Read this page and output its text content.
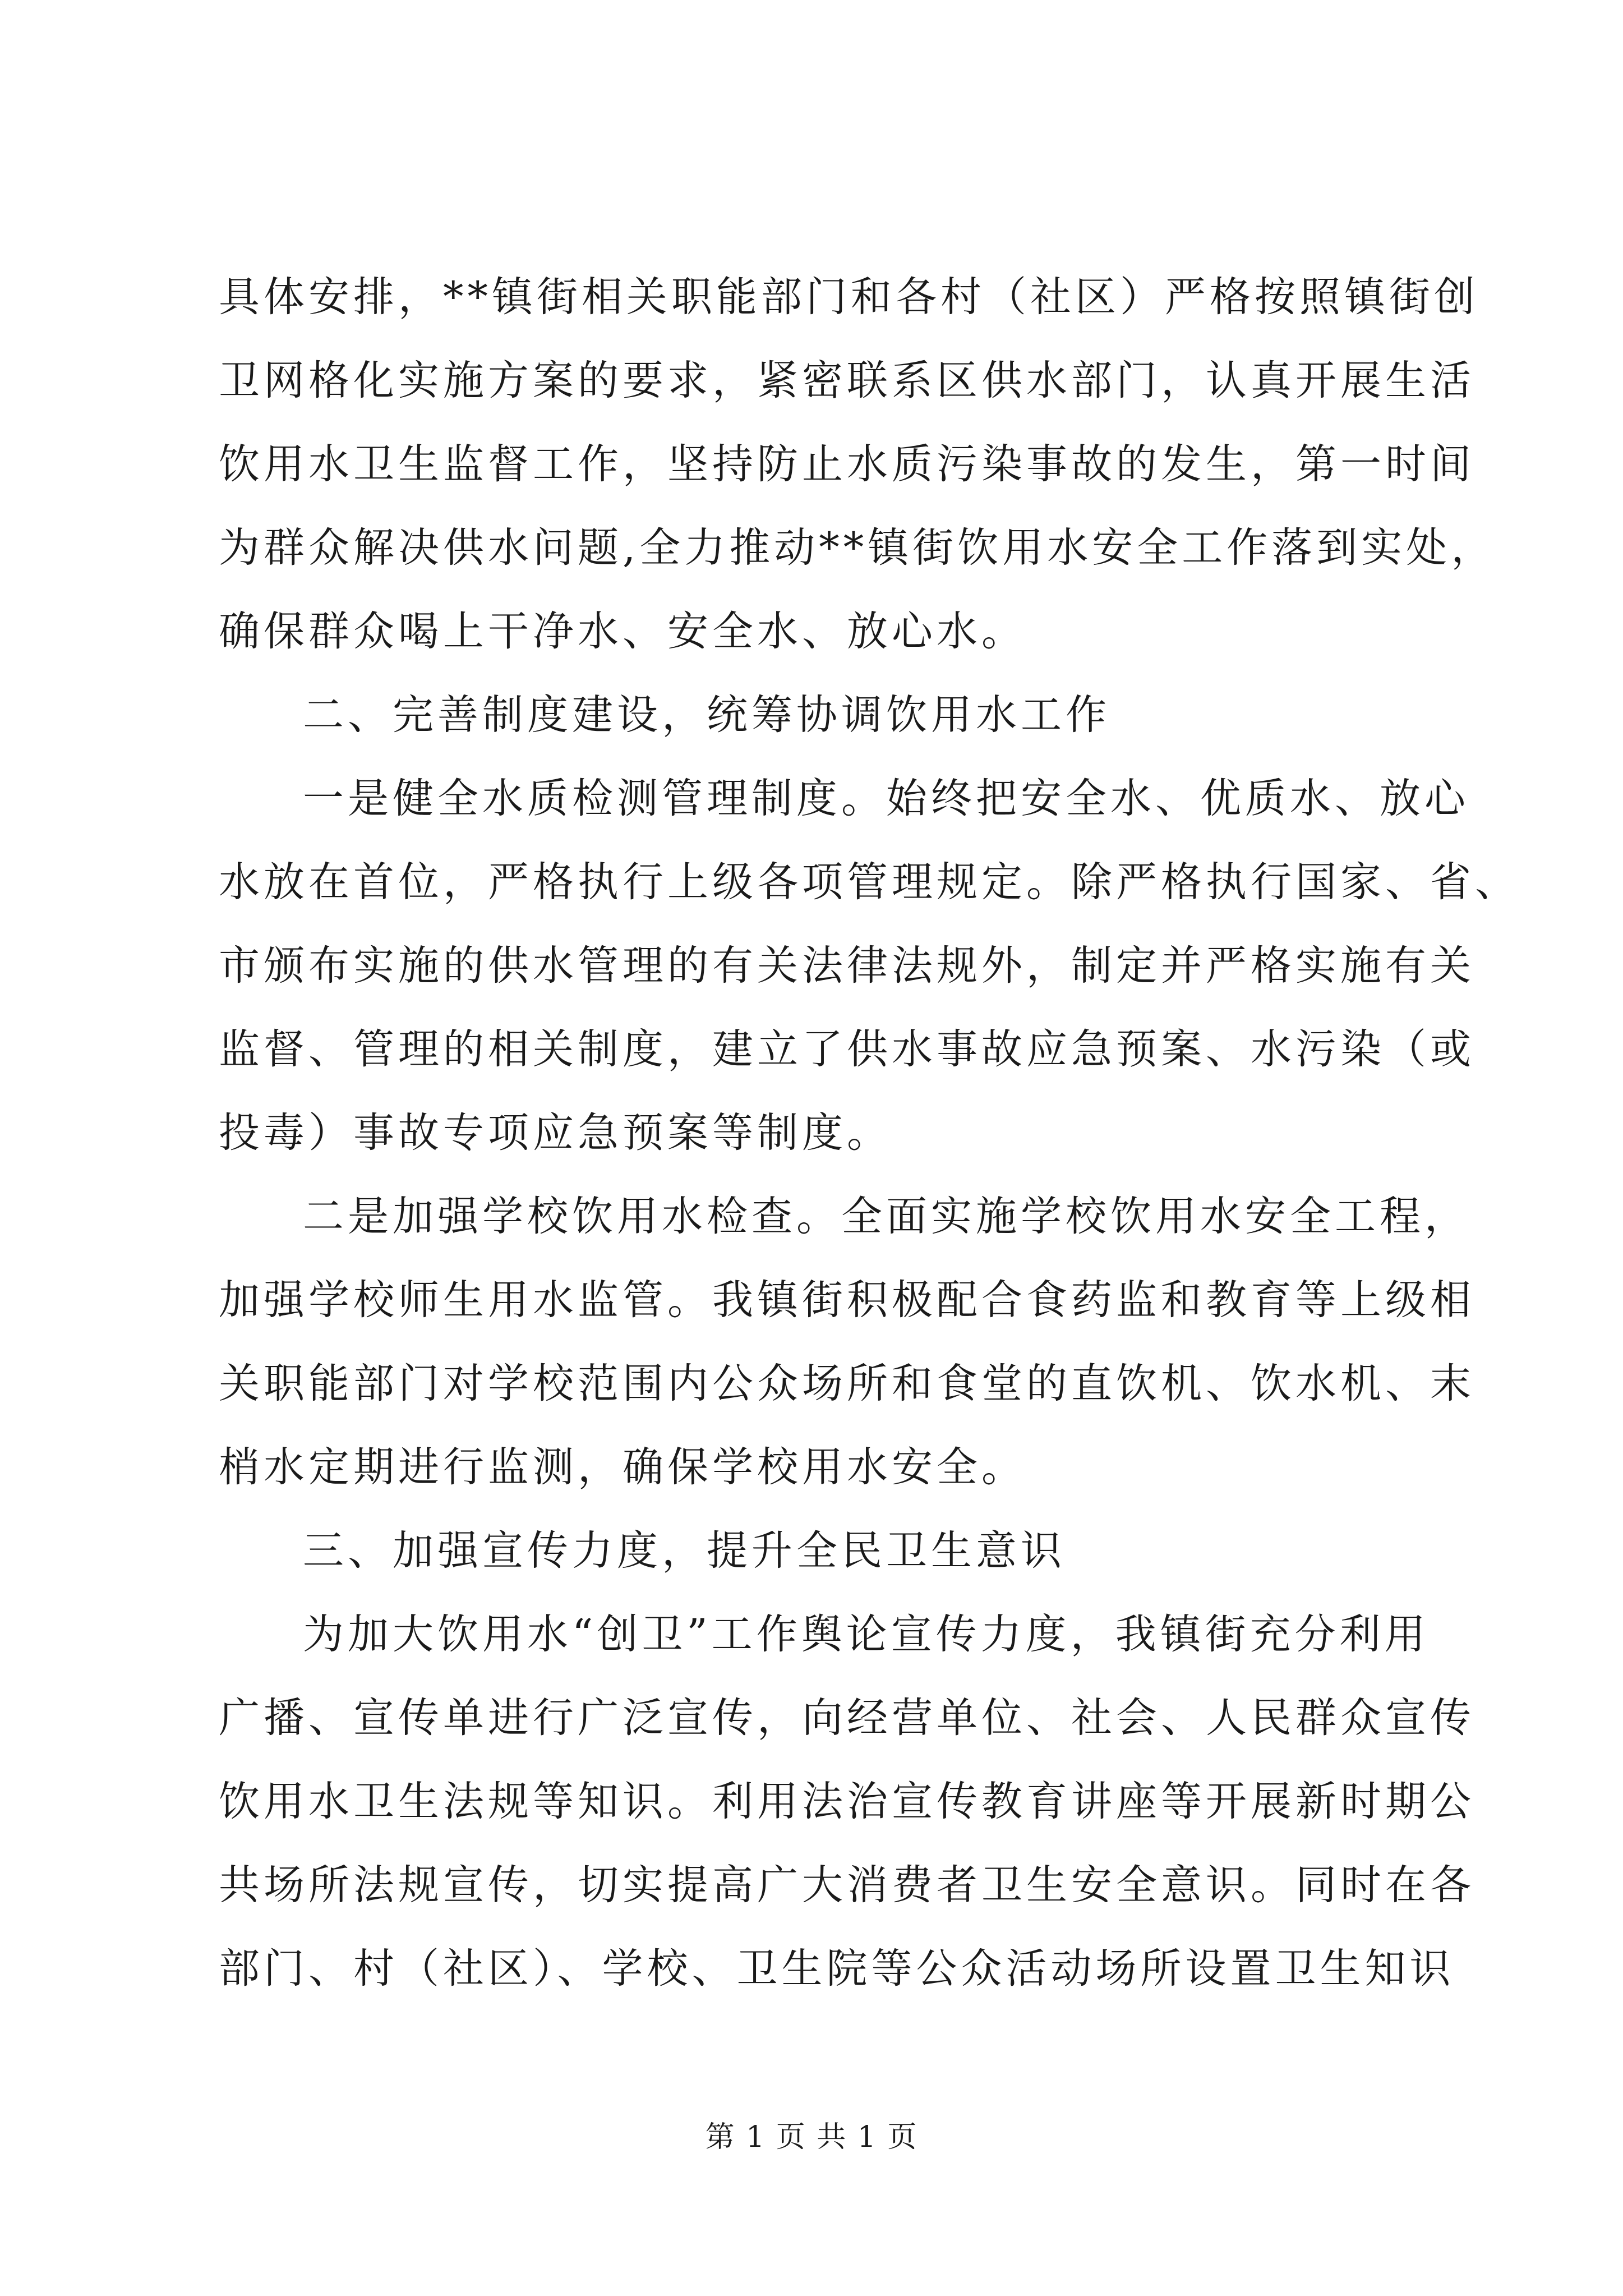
具体安排，**镇街相关职能部门和各村（社区）严格按照镇街创
卫网格化实施方案的要求，紧密联系区供水部门，认真开展生活
饮用水卫生监督工作，坚持防止水质污染事故的发生，第一时间
为群众解决供水问题,全力推动**镇街饮用水安全工作落到实处，
确保群众喝上干净水、安全水、放心水。
二、完善制度建设，统筹协调饮用水工作
一是健全水质检测管理制度。始终把安全水、优质水、放心
水放在首位，严格执行上级各项管理规定。除严格执行国家、省、
市颁布实施的供水管理的有关法律法规外，制定并严格实施有关
监督、管理的相关制度，建立了供水事故应急预案、水污染（或
投毒）事故专项应急预案等制度。
二是加强学校饮用水检查。全面实施学校饮用水安全工程，
加强学校师生用水监管。我镇街积极配合食药监和教育等上级相
关职能部门对学校范围内公众场所和食堂的直饮机、饮水机、末
梢水定期进行监测，确保学校用水安全。
三、加强宣传力度，提升全民卫生意识
为加大饮用水“创卫”工作舆论宣传力度，我镇街充分利用
广播、宣传单进行广泛宣传，向经营单位、社会、人民群众宣传
饮用水卫生法规等知识。利用法治宣传教育讲座等开展新时期公
共场所法规宣传，切实提高广大消费者卫生安全意识。同时在各
部门、村（社区）、学校、卫生院等公众活动场所设置卫生知识
第 1 页 共 1 页
